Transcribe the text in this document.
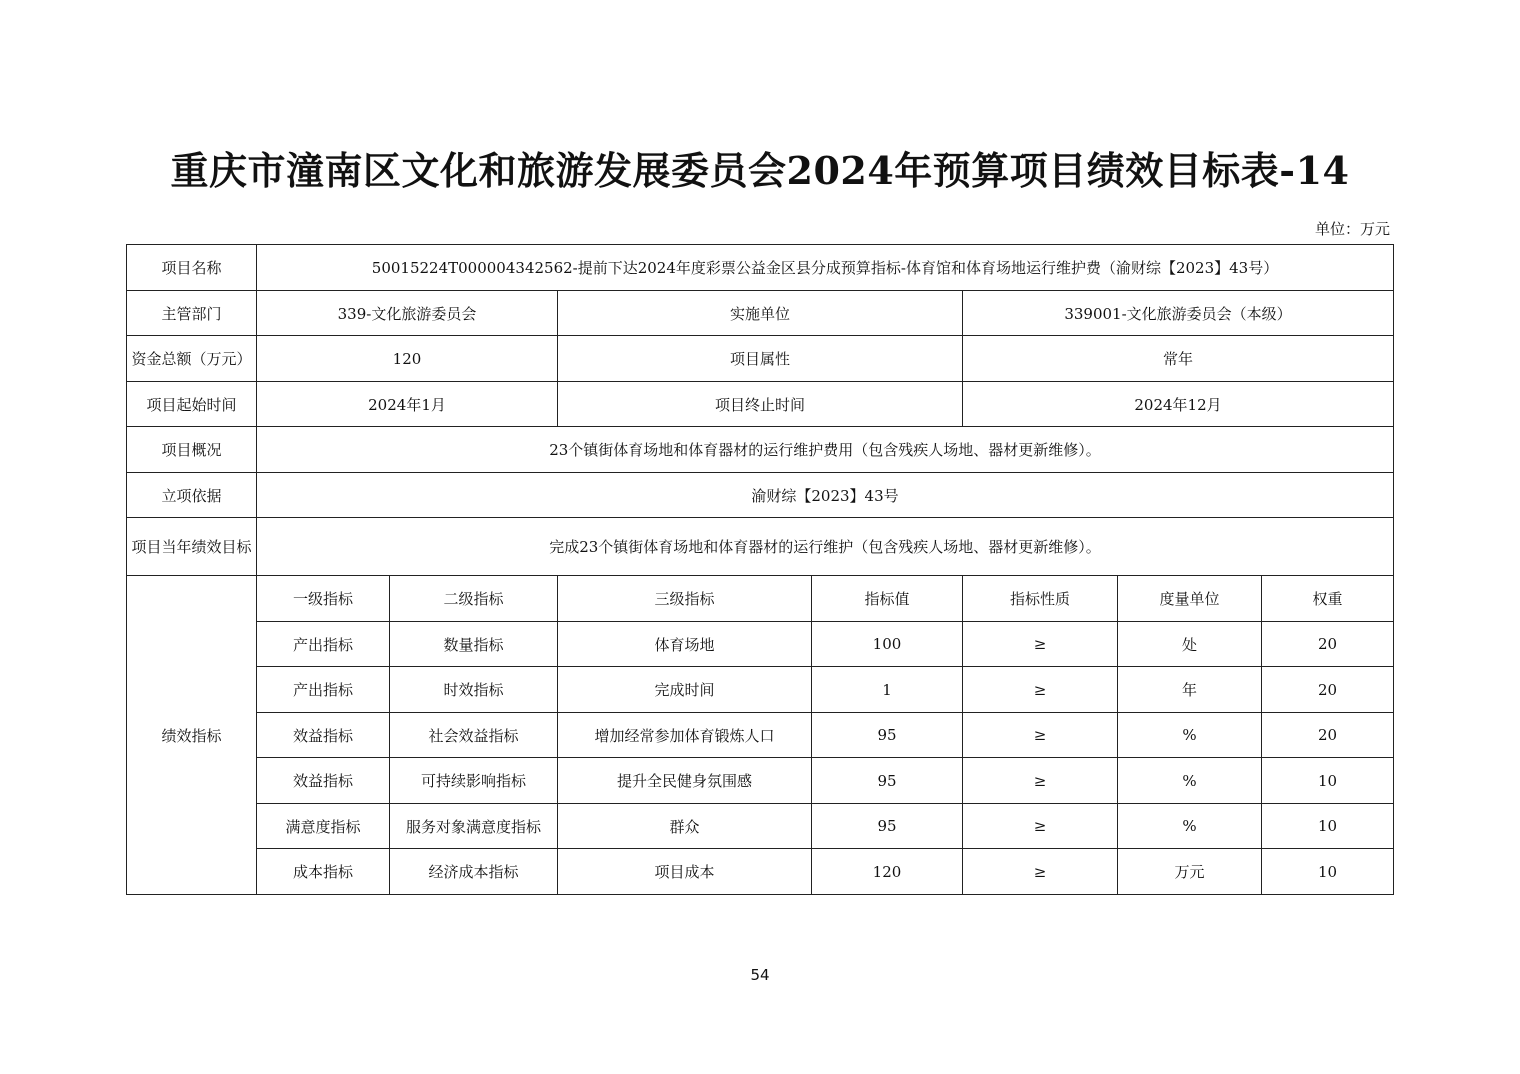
重庆市潼南区文化和旅游发展委员会2024年预算项目绩效目标表-14
单位：万元
项目名称	50015224T000004342562-提前下达2024年度彩票公益金区县分成预算指标-体育馆和体育场地运行维护费（渝财综【2023】43号）						
主管部门	339-文化旅游委员会		实施单位		339001-文化旅游委员会（本级）		
资金总额（万元）	120		项目属性		常年		
项目起始时间	2024年1月		项目终止时间		2024年12月		
项目概况	23个镇街体育场地和体育器材的运行维护费用（包含残疾人场地、器材更新维修）。						
立项依据	渝财综【2023】43号						
项目当年绩效目标	完成23个镇街体育场地和体育器材的运行维护（包含残疾人场地、器材更新维修）。						
绩效指标	一级指标	二级指标	三级指标	指标值	指标性质	度量单位	权重
	产出指标	数量指标	体育场地	100	≥	处	20
	产出指标	时效指标	完成时间	1	≥	年	20
	效益指标	社会效益指标	增加经常参加体育锻炼人口	95	≥	%	20
	效益指标	可持续影响指标	提升全民健身氛围感	95	≥	%	10
	满意度指标	服务对象满意度指标	群众	95	≥	%	10
	成本指标	经济成本指标	项目成本	120	≥	万元	10
54
